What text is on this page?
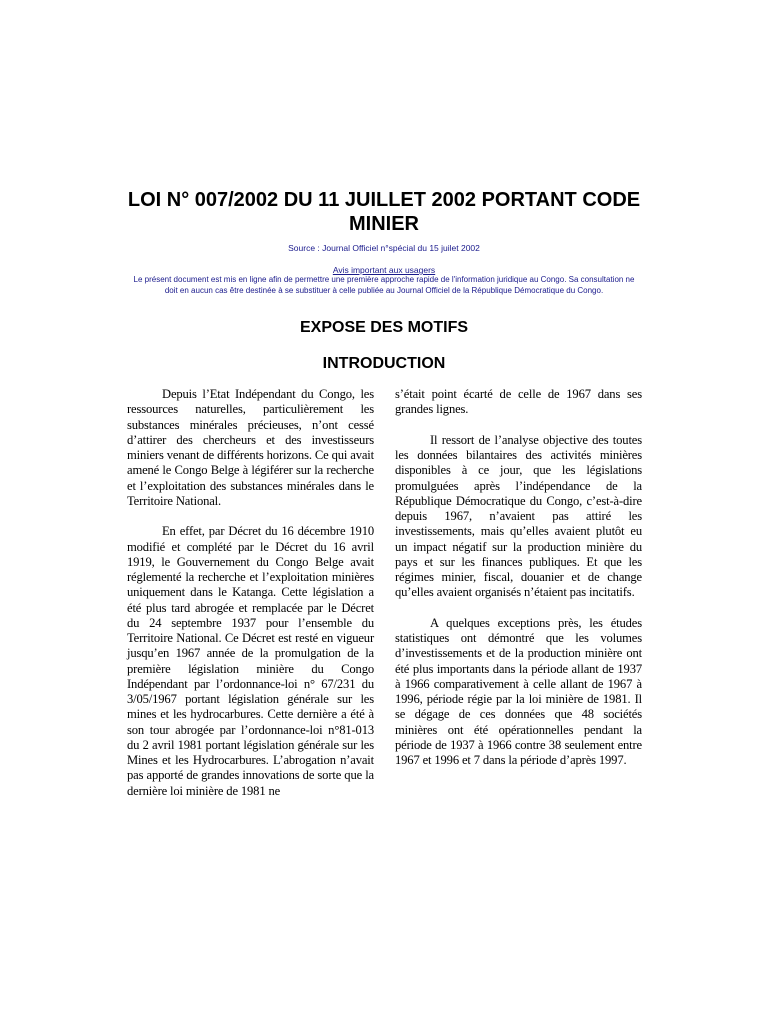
LOI N° 007/2002 DU 11 JUILLET 2002 PORTANT CODE MINIER
Source : Journal Officiel n°spécial du 15 juilet 2002
Avis important aux usagers
Le présent document est mis en ligne afin de permettre une première approche rapide de l'information juridique au Congo. Sa consultation ne doit en aucun cas être destinée à se substituer à celle publiée au Journal Officiel de la République Démocratique du Congo.
EXPOSE DES MOTIFS
INTRODUCTION

Depuis l’Etat Indépendant du Congo, les ressources naturelles, particulièrement les substances minérales précieuses, n’ont cessé d’attirer des chercheurs et des investisseurs miniers venant de différents horizons. Ce qui avait amené le Congo Belge à légiférer sur la recherche et l’exploitation des substances minérales dans le Territoire National.

En effet, par Décret du 16 décembre 1910 modifié et complété par le Décret du 16 avril 1919, le Gouvernement du Congo Belge avait réglementé la recherche et l’exploitation minières uniquement dans le Katanga. Cette législation a été plus tard abrogée et remplacée par le Décret du 24 septembre 1937 pour l’ensemble du Territoire National. Ce Décret est resté en vigueur jusqu’en 1967 année de la promulgation de la première législation minière du Congo Indépendant par l’ordonnance-loi n° 67/231 du 3/05/1967 portant législation générale sur les mines et les hydrocarbures. Cette dernière a été à son tour abrogée par l’ordonnance-loi n°81-013 du 2 avril 1981 portant législation générale sur les Mines et les Hydrocarbures. L’abrogation n’avait pas apporté de grandes innovations de sorte que la dernière loi minière de 1981 ne

s’était point écarté de celle de 1967 dans ses grandes lignes.

Il ressort de l’analyse objective des toutes les données bilantaires des activités minières disponibles à ce jour, que les législations promulguées après l’indépendance de la République Démocratique du Congo, c’est-à-dire depuis 1967, n’avaient pas attiré les investissements, mais qu’elles avaient plutôt eu un impact négatif sur la production minière du pays et sur les finances publiques. Et que les régimes minier, fiscal, douanier et de change qu’elles avaient organisés n’étaient pas incitatifs.

A quelques exceptions près, les études statistiques ont démontré que les volumes d’investissements et de la production minière ont été plus importants dans la période allant de 1937 à 1966 comparativement à celle allant de 1967 à 1996, période régie par la loi minière de 1981. Il se dégage de ces données que 48 sociétés minières ont été opérationnelles pendant la période de 1937 à 1966 contre 38 seulement entre 1967 et 1996 et 7 dans la période d’après 1997.
